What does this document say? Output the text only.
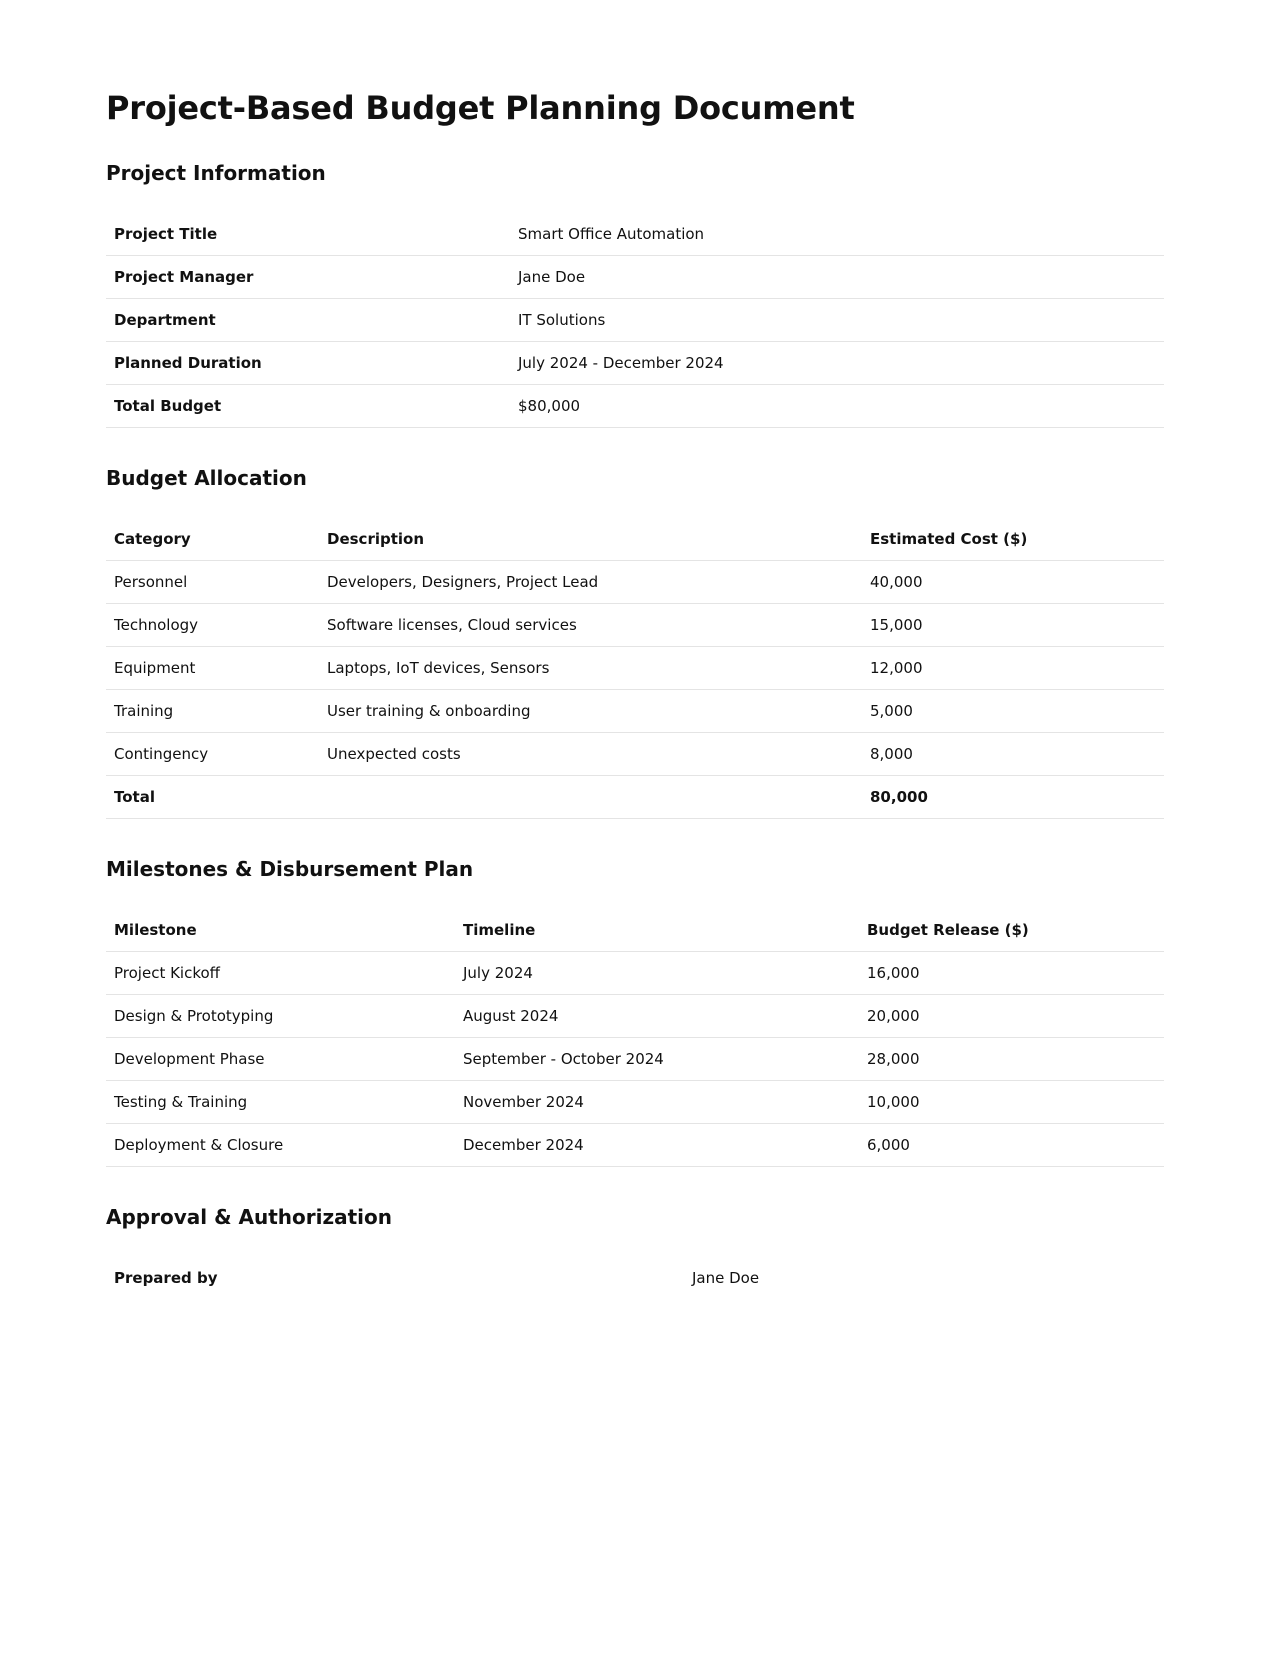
Project-Based Budget Planning Document
Project Information
Project Title	Smart Office Automation
Project Manager	Jane Doe
Department	IT Solutions
Planned Duration	July 2024 - December 2024
Total Budget	$80,000
Budget Allocation
Category	Description	Estimated Cost ($)
Personnel	Developers, Designers, Project Lead	40,000
Technology	Software licenses, Cloud services	15,000
Equipment	Laptops, IoT devices, Sensors	12,000
Training	User training & onboarding	5,000
Contingency	Unexpected costs	8,000
Total		80,000
Milestones & Disbursement Plan
Milestone	Timeline	Budget Release ($)
Project Kickoff	July 2024	16,000
Design & Prototyping	August 2024	20,000
Development Phase	September - October 2024	28,000
Testing & Training	November 2024	10,000
Deployment & Closure	December 2024	6,000
Approval & Authorization
Prepared by	Jane Doe
